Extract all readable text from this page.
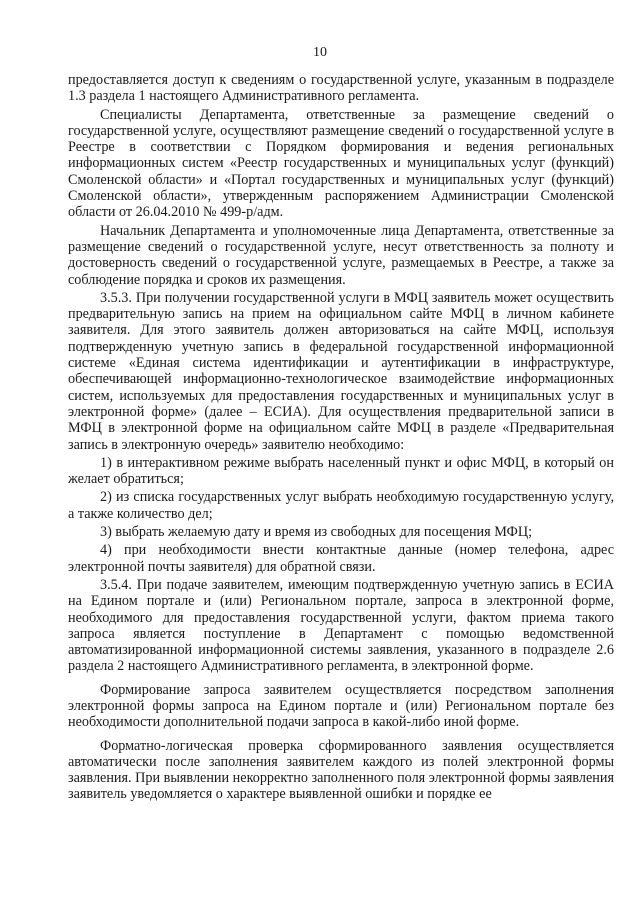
10

предоставляется доступ к сведениям о государственной услуге, указанным в подразделе 1.3 раздела 1 настоящего Административного регламента.

Специалисты Департамента, ответственные за размещение сведений о государственной услуге, осуществляют размещение сведений о государственной услуге в Реестре в соответствии с Порядком формирования и ведения региональных информационных систем «Реестр государственных и муниципальных услуг (функций) Смоленской области» и «Портал государственных и муниципальных услуг (функций) Смоленской области», утвержденным распоряжением Администрации Смоленской области от 26.04.2010 № 499-р/адм.

Начальник Департамента и уполномоченные лица Департамента, ответственные за размещение сведений о государственной услуге, несут ответственность за полноту и достоверность сведений о государственной услуге, размещаемых в Реестре, а также за соблюдение порядка и сроков их размещения.

3.5.3. При получении государственной услуги в МФЦ заявитель может осуществить предварительную запись на прием на официальном сайте МФЦ в личном кабинете заявителя. Для этого заявитель должен авторизоваться на сайте МФЦ, используя подтвержденную учетную запись в федеральной государственной информационной системе «Единая система идентификации и аутентификации в инфраструктуре, обеспечивающей информационно-технологическое взаимодействие информационных систем, используемых для предоставления государственных и муниципальных услуг в электронной форме» (далее – ЕСИА). Для осуществления предварительной записи в МФЦ в электронной форме на официальном сайте МФЦ в разделе «Предварительная запись в электронную очередь» заявителю необходимо:

1) в интерактивном режиме выбрать населенный пункт и офис МФЦ, в который он желает обратиться;

2) из списка государственных услуг выбрать необходимую государственную услугу, а также количество дел;

3) выбрать желаемую дату и время из свободных для посещения МФЦ;

4) при необходимости внести контактные данные (номер телефона, адрес электронной почты заявителя) для обратной связи.

3.5.4. При подаче заявителем, имеющим подтвержденную учетную запись в ЕСИА на Едином портале и (или) Региональном портале, запроса в электронной форме, необходимого для предоставления государственной услуги, фактом приема такого запроса является поступление в Департамент с помощью ведомственной автоматизированной информационной системы заявления, указанного в подразделе 2.6 раздела 2 настоящего Административного регламента, в электронной форме.

Формирование запроса заявителем осуществляется посредством заполнения электронной формы запроса на Едином портале и (или) Региональном портале без необходимости дополнительной подачи запроса в какой-либо иной форме.

Форматно-логическая проверка сформированного заявления осуществляется автоматически после заполнения заявителем каждого из полей электронной формы заявления. При выявлении некорректно заполненного поля электронной формы заявления заявитель уведомляется о характере выявленной ошибки и порядке ее
